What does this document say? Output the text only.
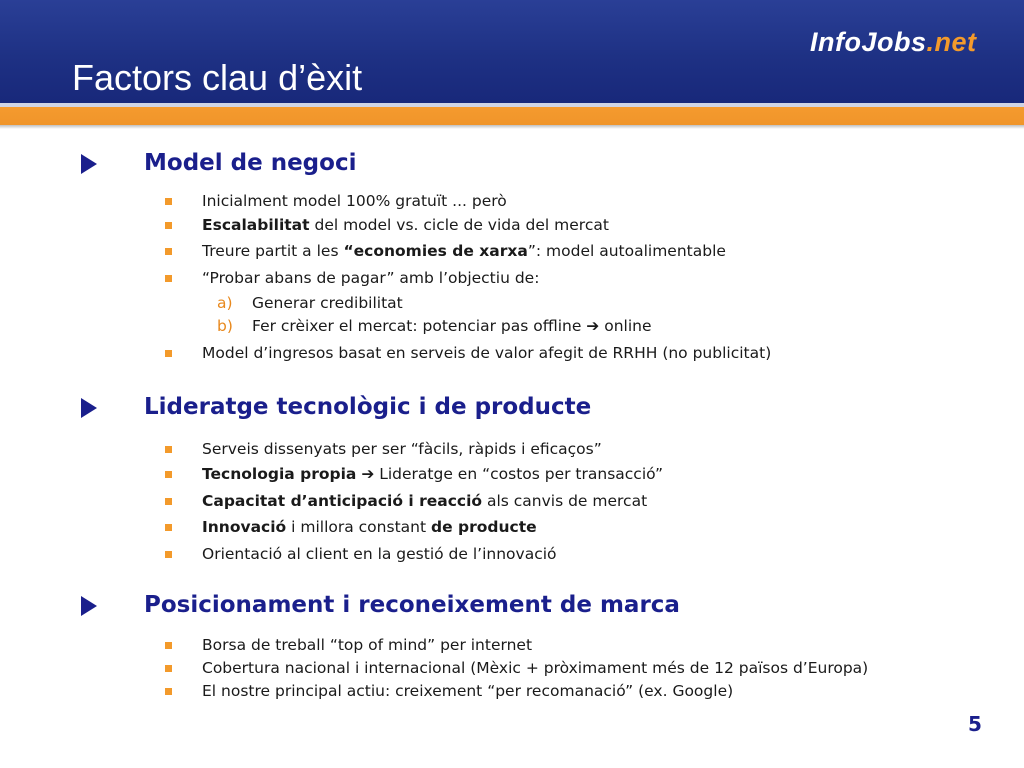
InfoJobs.net
Factors clau d’èxit
Model de negoci
Inicialment model 100% gratuït ... però
Escalabilitat del model vs. cicle de vida del mercat
Treure partit a les “economies de xarxa”: model autoalimentable
“Probar abans de pagar” amb l’objectiu de:
a) Generar credibilitat
b) Fer crèixer el mercat: potenciar pas offline ➔ online
Model d’ingresos basat en serveis de valor afegit de RRHH (no publicitat)
Lideratge tecnològic i de producte
Serveis dissenyats per ser “fàcils, ràpids i eficaços”
Tecnologia propia ➔ Lideratge en “costos per transacció”
Capacitat d’anticipació i reacció als canvis de mercat
Innovació i millora constant de producte
Orientació al client en la gestió de l’innovació
Posicionament i reconeixement de marca
Borsa de treball “top of mind” per internet
Cobertura nacional i internacional (Mèxic + pròximament més de 12 països d’Europa)
El nostre principal actiu: creixement “per recomanació” (ex. Google)
5
